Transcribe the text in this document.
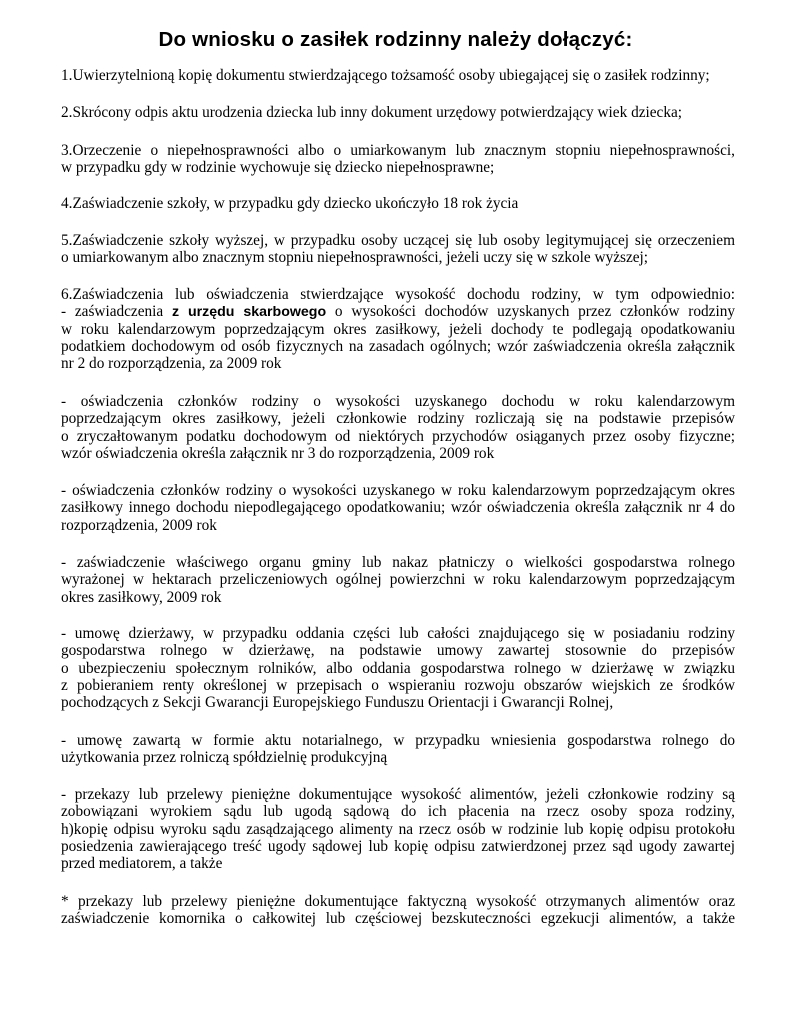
Do wniosku o zasiłek rodzinny należy dołączyć:
1.Uwierzytelnioną kopię dokumentu stwierdzającego tożsamość osoby ubiegającej się o zasiłek rodzinny;
2.Skrócony odpis aktu urodzenia dziecka lub inny dokument urzędowy potwierdzający wiek dziecka;
3.Orzeczenie o niepełnosprawności albo o umiarkowanym lub znacznym stopniu niepełnosprawności,
w przypadku gdy w rodzinie wychowuje się dziecko niepełnosprawne;
4.Zaświadczenie szkoły, w przypadku gdy dziecko ukończyło 18 rok życia
5.Zaświadczenie szkoły wyższej, w przypadku osoby uczącej się lub osoby legitymującej się orzeczeniem
o umiarkowanym albo znacznym stopniu niepełnosprawności, jeżeli uczy się w szkole wyższej;
6.Zaświadczenia lub oświadczenia stwierdzające wysokość dochodu rodziny, w tym odpowiednio:
- zaświadczenia z urzędu skarbowego o wysokości dochodów uzyskanych przez członków rodziny
w roku kalendarzowym poprzedzającym okres zasiłkowy, jeżeli dochody te podlegają opodatkowaniu
podatkiem dochodowym od osób fizycznych na zasadach ogólnych; wzór zaświadczenia określa załącznik
nr 2 do rozporządzenia, za 2009 rok
- oświadczenia członków rodziny o wysokości uzyskanego dochodu w roku kalendarzowym
poprzedzającym okres zasiłkowy, jeżeli członkowie rodziny rozliczają się na podstawie przepisów
o zryczałtowanym podatku dochodowym od niektórych przychodów osiąganych przez osoby fizyczne;
wzór oświadczenia określa załącznik nr 3 do rozporządzenia, 2009 rok
- oświadczenia członków rodziny o wysokości uzyskanego w roku kalendarzowym poprzedzającym okres
zasiłkowy innego dochodu niepodlegającego opodatkowaniu; wzór oświadczenia określa załącznik nr 4 do
rozporządzenia, 2009 rok
- zaświadczenie właściwego organu gminy lub nakaz płatniczy o wielkości gospodarstwa rolnego
wyrażonej w hektarach przeliczeniowych ogólnej powierzchni w roku kalendarzowym poprzedzającym
okres zasiłkowy, 2009 rok
- umowę dzierżawy, w przypadku oddania części lub całości znajdującego się w posiadaniu rodziny
gospodarstwa rolnego w dzierżawę, na podstawie umowy zawartej stosownie do przepisów
o ubezpieczeniu społecznym rolników, albo oddania gospodarstwa rolnego w dzierżawę w związku
z pobieraniem renty określonej w przepisach o wspieraniu rozwoju obszarów wiejskich ze środków
pochodzących z Sekcji Gwarancji Europejskiego Funduszu Orientacji i Gwarancji Rolnej,
- umowę zawartą w formie aktu notarialnego, w przypadku wniesienia gospodarstwa rolnego do
użytkowania przez rolniczą spółdzielnię produkcyjną
- przekazy lub przelewy pieniężne dokumentujące wysokość alimentów, jeżeli członkowie rodziny są
zobowiązani wyrokiem sądu lub ugodą sądową do ich płacenia na rzecz osoby spoza rodziny,
h)kopię odpisu wyroku sądu zasądzającego alimenty na rzecz osób w rodzinie lub kopię odpisu protokołu
posiedzenia zawierającego treść ugody sądowej lub kopię odpisu zatwierdzonej przez sąd ugody zawartej
przed mediatorem, a także
* przekazy lub przelewy pieniężne dokumentujące faktyczną wysokość otrzymanych alimentów oraz
zaświadczenie komornika o całkowitej lub częściowej bezskuteczności egzekucji alimentów, a także
